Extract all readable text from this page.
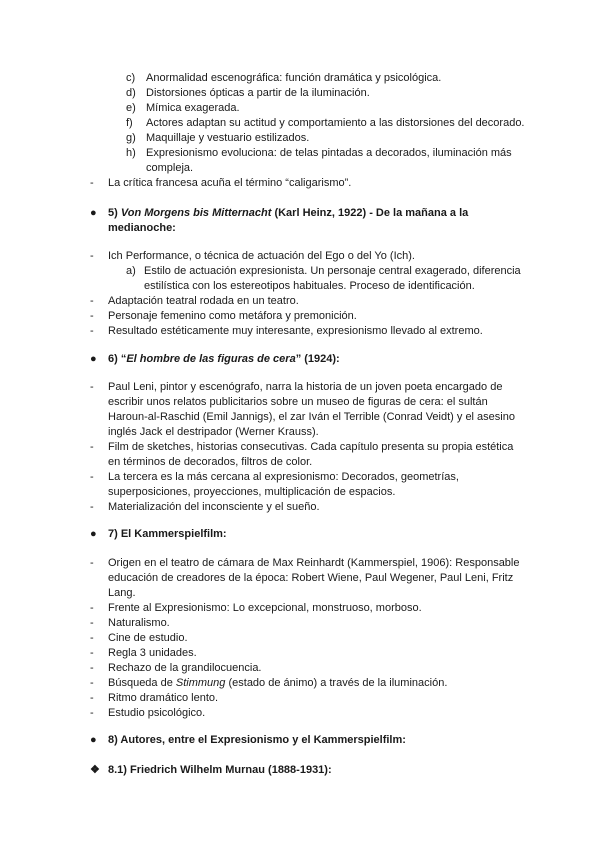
c) Anormalidad escenográfica: función dramática y psicológica.
d) Distorsiones ópticas a partir de la iluminación.
e) Mímica exagerada.
f) Actores adaptan su actitud y comportamiento a las distorsiones del decorado.
g) Maquillaje y vestuario estilizados.
h) Expresionismo evoluciona: de telas pintadas a decorados, iluminación más compleja.
- La crítica francesa acuña el término “caligarismo”.
● 5) Von Morgens bis Mitternacht (Karl Heinz, 1922) - De la mañana a la medianoche:
- Ich Performance, o técnica de actuación del Ego o del Yo (Ich).
a) Estilo de actuación expresionista. Un personaje central exagerado, diferencia estilística con los estereotipos habituales. Proceso de identificación.
- Adaptación teatral rodada en un teatro.
- Personaje femenino como metáfora y premonición.
- Resultado estéticamente muy interesante, expresionismo llevado al extremo.
● 6) “El hombre de las figuras de cera” (1924):
- Paul Leni, pintor y escenógrafo, narra la historia de un joven poeta encargado de escribir unos relatos publicitarios sobre un museo de figuras de cera: el sultán Haroun-al-Raschid (Emil Jannigs), el zar Iván el Terrible (Conrad Veidt) y el asesino inglés Jack el destripador (Werner Krauss).
Film de sketches, historias consecutivas. Cada capítulo presenta su propia estética en términos de decorados, filtros de color.
-
- La tercera es la más cercana al expresionismo: Decorados, geometrías, superposiciones, proyecciones, multiplicación de espacios.
- Materialización del inconsciente y el sueño.
● 7) El Kammerspielfilm:
- Origen en el teatro de cámara de Max Reinhardt (Kammerspiel, 1906): Responsable educación de creadores de la época: Robert Wiene, Paul Wegener, Paul Leni, Fritz Lang.
- Frente al Expresionismo: Lo excepcional, monstruoso, morboso.
- Naturalismo.
- Cine de estudio.
- Regla 3 unidades.
- Rechazo de la grandilocuencia.
- Búsqueda de Stimmung (estado de ánimo) a través de la iluminación.
- Ritmo dramático lento.
- Estudio psicológico.
● 8) Autores, entre el Expresionismo y el Kammerspielfilm:
❖ 8.1) Friedrich Wilhelm Murnau (1888-1931):
